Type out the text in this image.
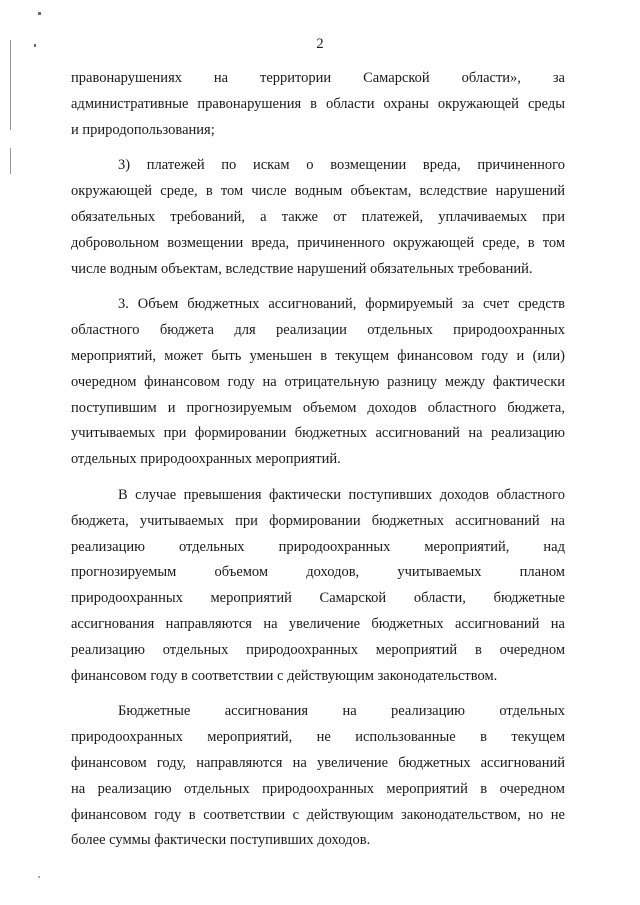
2
правонарушениях на территории Самарской области», за
административные правонарушения в области охраны окружающей среды
и природопользования;
3) платежей по искам о возмещении вреда, причиненного
окружающей среде, в том числе водным объектам, вследствие нарушений
обязательных требований, а также от платежей, уплачиваемых при
добровольном возмещении вреда, причиненного окружающей среде, в том
числе водным объектам, вследствие нарушений обязательных требований.
3. Объем бюджетных ассигнований, формируемый за счет средств
областного бюджета для реализации отдельных природоохранных
мероприятий, может быть уменьшен в текущем финансовом году и (или)
очередном финансовом году на отрицательную разницу между фактически
поступившим и прогнозируемым объемом доходов областного бюджета,
учитываемых при формировании бюджетных ассигнований на реализацию
отдельных природоохранных мероприятий.
В случае превышения фактически поступивших доходов областного
бюджета, учитываемых при формировании бюджетных ассигнований на
реализацию отдельных природоохранных мероприятий, над
прогнозируемым объемом доходов, учитываемых планом
природоохранных мероприятий Самарской области, бюджетные
ассигнования направляются на увеличение бюджетных ассигнований на
реализацию отдельных природоохранных мероприятий в очередном
финансовом году в соответствии с действующим законодательством.
Бюджетные ассигнования на реализацию отдельных
природоохранных мероприятий, не использованные в текущем
финансовом году, направляются на увеличение бюджетных ассигнований
на реализацию отдельных природоохранных мероприятий в очередном
финансовом году в соответствии с действующим законодательством, но не
более суммы фактически поступивших доходов.
